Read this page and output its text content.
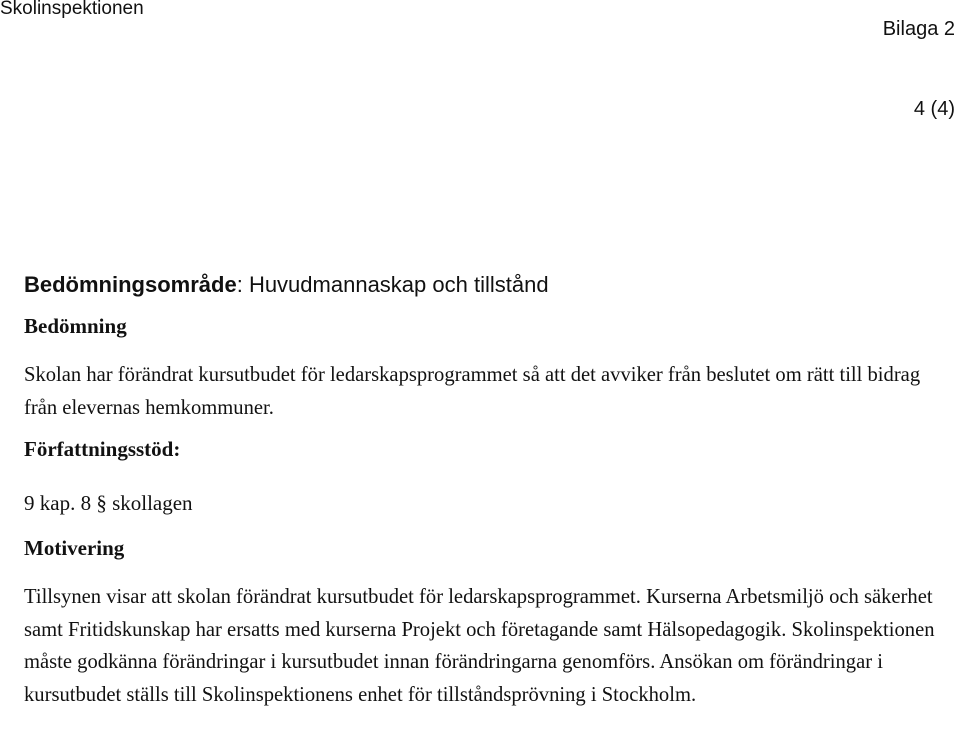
Skolinspektionen
Bilaga 2
4 (4)
Bedömningsområde: Huvudmannaskap och tillstånd
Bedömning

Skolan har förändrat kursutbudet för ledarskapsprogrammet så att det avviker från beslutet om rätt till bidrag från elevernas hemkommuner.

Författningsstöd:

9 kap. 8 § skollagen

Motivering

Tillsynen visar att skolan förändrat kursutbudet för ledarskapsprogrammet. Kurserna Arbetsmiljö och säkerhet samt Fritidskunskap har ersatts med kurserna Projekt och företagande samt Hälsopedagogik. Skolinspektionen måste godkänna förändringar i kursutbudet innan förändringarna genomförs. Ansökan om förändringar i kursutbudet ställs till Skolinspektionens enhet för tillståndsprövning i Stockholm.
